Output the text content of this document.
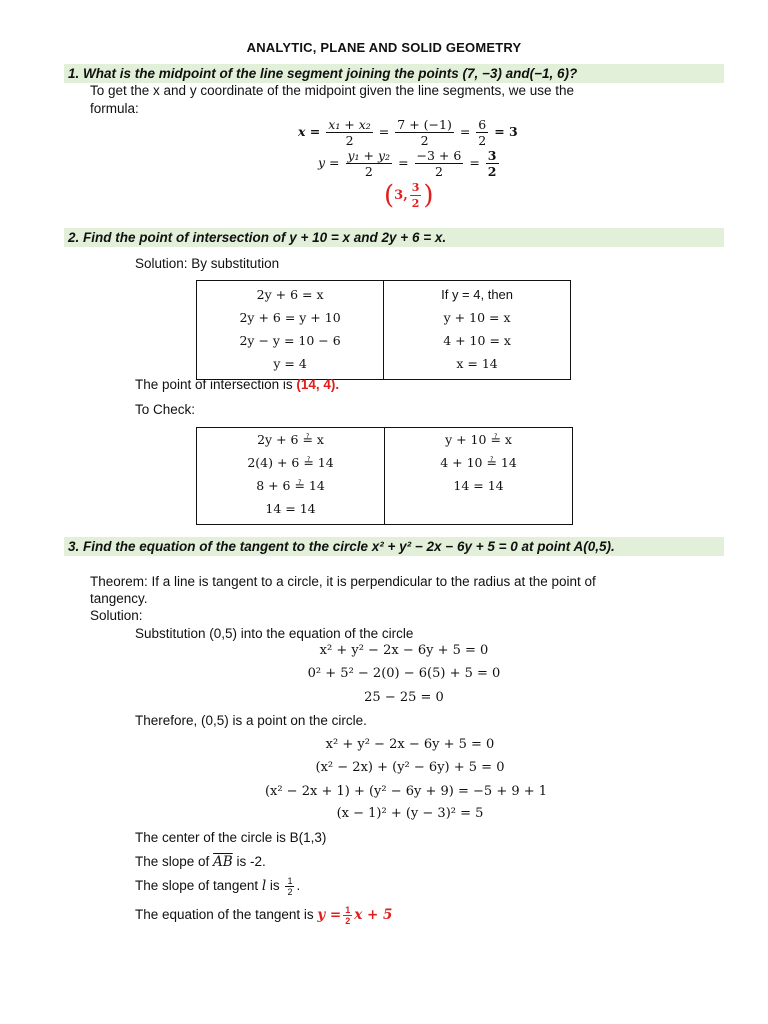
ANALYTIC, PLANE AND SOLID GEOMETRY
1. What is the midpoint of the line segment joining the points (7, −3) and(−1, 6)?
To get the x and y coordinate of the midpoint given the line segments, we use the
formula:
$x = \frac{\text{x₁ + x₂}}{2} = \frac{7 + (-1)}{2} = \frac{6}{2} = 3$
$y = \frac{\text{y₁ + y₂}}{2} = \frac{-3 + 6}{2} = \frac{3}{2}$
(3, $\frac{3}{2}$ )
2. Find the point of intersection of y + 10 = x and 2y + 6 = x.
Solution: By substitution
2y + 6 = x
2y + 6 = y + 10
2y − y = 10 − 6
y = 4

If y = 4, then
y + 10 = x
4 + 10 = x
x = 14
The point of intersection is (14, 4).
To Check:
2y + 6 ≟ x
2(4) + 6 ≟ 14
8 + 6 ≟ 14
14 = 14

y + 10 ≟ x
4 + 10 ≟ 14
14 = 14
3. Find the equation of the tangent to the circle x² + y² − 2x − 6y + 5 = 0 at point A(0,5).
Theorem: If a line is tangent to a circle, it is perpendicular to the radius at the point of
tangency.
Solution:
Substitution (0,5) into the equation of the circle
x² + y² − 2x − 6y + 5 = 0
0² + 5² − 2(0) − 6(5) + 5 = 0
25 − 25 = 0
Therefore, (0,5) is a point on the circle.
x² + y² − 2x − 6y + 5 = 0
(x² − 2x) + (y² − 6y) + 5 = 0
(x² − 2x + 1) + (y² − 6y + 9) = −5 + 9 + 1
(x − 1)² + (y − 3)² = 5
The center of the circle is B(1,3)
The slope of $\overline{AB}$ is -2.
The slope of tangent l is $\frac{1}{2}$ .
The equation of the tangent is $y = \frac{1}{2}$ x + 5
